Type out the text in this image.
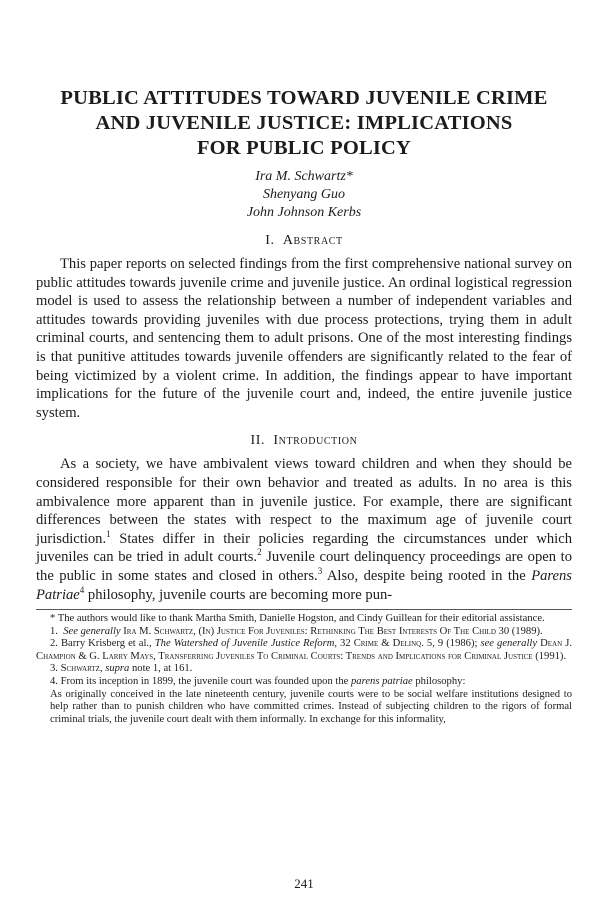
PUBLIC ATTITUDES TOWARD JUVENILE CRIME
AND JUVENILE JUSTICE: IMPLICATIONS
FOR PUBLIC POLICY
Ira M. Schwartz*
Shenyang Guo
John Johnson Kerbs
I. Abstract

This paper reports on selected findings from the first comprehensive national survey on public attitudes towards juvenile crime and juvenile justice. An ordinal logistical regression model is used to assess the relationship between a number of independent variables and attitudes towards providing juveniles with due process protections, trying them in adult criminal courts, and sentencing them to adult prisons. One of the most interesting findings is that punitive attitudes towards juvenile offenders are significantly related to the fear of being victimized by a violent crime. In addition, the findings appear to have important implications for the future of the juvenile court and, indeed, the entire juvenile justice system.

II. Introduction

As a society, we have ambivalent views toward children and when they should be considered responsible for their own behavior and treated as adults. In no area is this ambivalence more apparent than in juvenile justice. For example, there are significant differences between the states with respect to the maximum age of juvenile court jurisdiction.$^1$ States differ in their policies regarding the circumstances under which juveniles can be tried in adult courts.$^2$ Juvenile court delinquency proceedings are open to the public in some states and closed in others.$^3$ Also, despite being rooted in the Parens Patriae$^4$ philosophy, juvenile courts are becoming more pun-

* The authors would like to thank Martha Smith, Danielle Hogston, and Cindy Guillean for their editorial assistance.

1. See generally Ira M. Schwartz, (In) Justice For Juveniles: Rethinking The Best Interests Of The Child 30 (1989).

2. Barry Krisberg et al., The Watershed of Juvenile Justice Reform, 32 Crime & Delinq. 5, 9 (1986); see generally Dean J. Champion & G. Larry Mays, Transferring Juveniles To Criminal Courts: Trends and Implications for Criminal Justice (1991).

3. Schwartz, supra note 1, at 161.

4. From its inception in 1899, the juvenile court was founded upon the parens patriae philosophy:

As originally conceived in the late nineteenth century, juvenile courts were to be social welfare institutions designed to help rather than to punish children who have committed crimes. Instead of subjecting children to the rigors of formal criminal trials, the juvenile court dealt with them informally. In exchange for this informality,

241
